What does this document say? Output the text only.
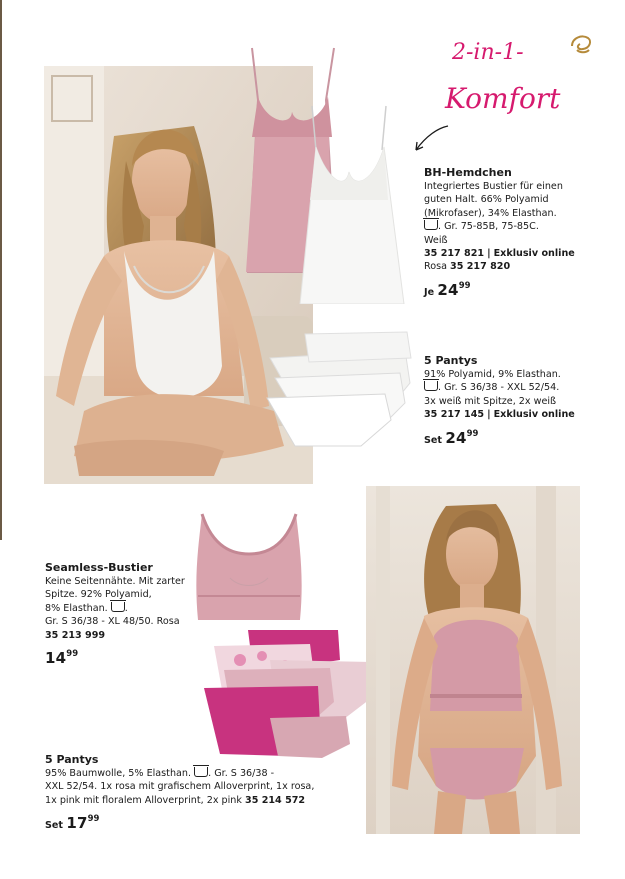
2-in-1-
Komfort
BH-Hemdchen
Integriertes Bustier für einen
guten Halt. 66% Polyamid
(Mikrofaser), 34% Elasthan.
. Gr. 75-85B, 75-85C.
Weiß
35 217 821 | Exklusiv online
Rosa 35 217 820
Je 2499
5 Pantys
91% Polyamid, 9% Elasthan.
. Gr. S 36/38 - XXL 52/54.
3x weiß mit Spitze, 2x weiß
35 217 145 | Exklusiv online
Set 2499
Seamless-Bustier
Keine Seitennähte. Mit zarter
Spitze. 92% Polyamid,
8% Elasthan. .
Gr. S 36/38 - XL 48/50. Rosa
35 213 999
1499
5 Pantys
95% Baumwolle, 5% Elasthan. . Gr. S 36/38 -
XXL 52/54. 1x rosa mit grafischem Alloverprint, 1x rosa,
1x pink mit floralem Alloverprint, 2x pink 35 214 572
Set 1799
